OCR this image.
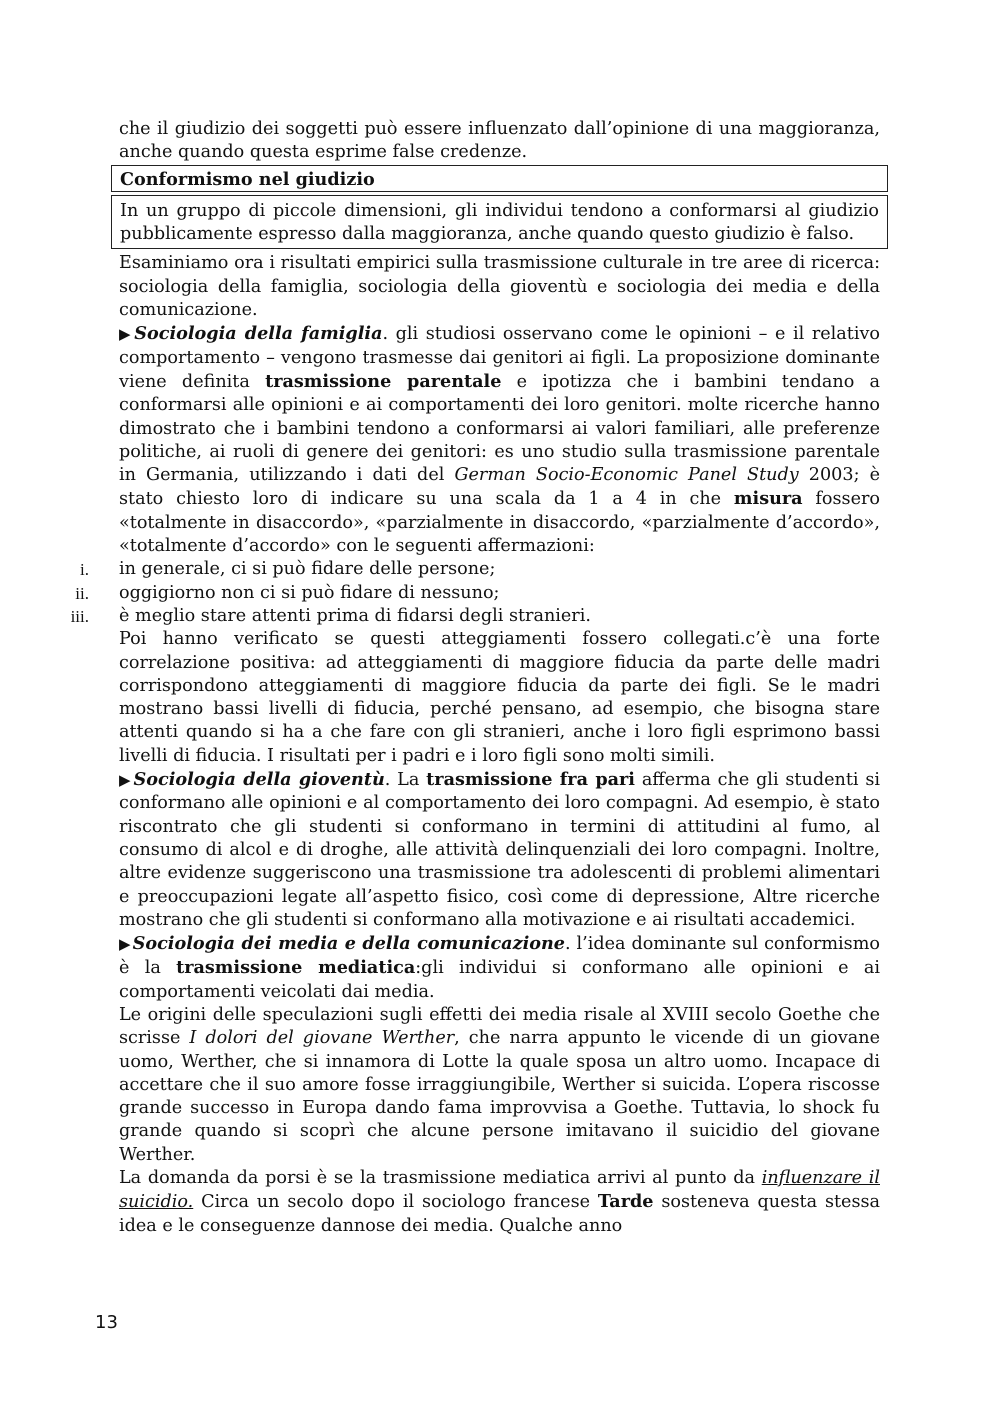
che il giudizio dei soggetti può essere influenzato dall’opinione di una maggioranza, anche quando questa esprime false credenze.

Conformismo nel giudizio

In un gruppo di piccole dimensioni, gli individui tendono a conformarsi al giudizio pubblicamente espresso dalla maggioranza, anche quando questo giudizio è falso.

Esaminiamo ora i risultati empirici sulla trasmissione culturale in tre aree di ricerca: sociologia della famiglia, sociologia della gioventù e sociologia dei media e della comunicazione.

▶  Sociologia della famiglia. gli studiosi osservano come le opinioni – e il relativo comportamento – vengono trasmesse dai genitori ai figli. La proposizione dominante viene definita trasmissione parentale e ipotizza che i bambini tendano a conformarsi alle opinioni e ai comportamenti dei loro genitori. molte ricerche hanno dimostrato che i bambini tendono a conformarsi ai valori familiari, alle preferenze politiche, ai ruoli di genere dei genitori: es uno studio sulla trasmissione parentale in Germania, utilizzando i dati del German Socio-Economic Panel Study 2003; è stato chiesto loro di indicare su una scala da 1 a 4 in che misura fossero «totalmente in disaccordo», «parzialmente in disaccordo, «parzialmente d’accordo», «totalmente d’accordo» con le seguenti affermazioni:

i. in generale, ci si può fidare delle persone;
ii. oggigiorno non ci si può fidare di nessuno;
iii. è meglio stare attenti prima di fidarsi degli stranieri.

Poi hanno verificato se questi atteggiamenti fossero collegati.c’è una forte correlazione positiva: ad atteggiamenti di maggiore fiducia da parte delle madri corrispondono atteggiamenti di maggiore fiducia da parte dei figli. Se le madri mostrano bassi livelli di fiducia, perché pensano, ad esempio, che bisogna stare attenti quando si ha a che fare con gli stranieri, anche i loro figli esprimono bassi livelli di fiducia. I risultati per i padri e i loro figli sono molti simili.

▶  Sociologia della gioventù. La trasmissione fra pari afferma che gli studenti si conformano alle opinioni e al comportamento dei loro compagni. Ad esempio, è stato riscontrato che gli studenti si conformano in termini di attitudini al fumo, al consumo di alcol e di droghe, alle attività delinquenziali dei loro compagni. Inoltre, altre evidenze suggeriscono una trasmissione tra adolescenti di problemi alimentari e preoccupazioni legate all’aspetto fisico, così come di depressione, Altre ricerche mostrano che gli studenti si conformano alla motivazione e ai risultati accademici.

▶  Sociologia dei media e della comunicazione. l’idea dominante sul conformismo è la trasmissione mediatica:gli individui si conformano alle opinioni e ai comportamenti veicolati dai media.

Le origini delle speculazioni sugli effetti dei media risale al XVIII secolo Goethe che scrisse I dolori del giovane Werther, che narra appunto le vicende di un giovane uomo, Werther, che si innamora di Lotte la quale sposa un altro uomo. Incapace di accettare che il suo amore fosse irraggiungibile, Werther si suicida. L’opera riscosse grande successo in Europa dando fama improvvisa a Goethe. Tuttavia, lo shock fu grande quando si scoprì che alcune persone imitavano il suicidio del giovane Werther.

La domanda da porsi è se la trasmissione mediatica arrivi al punto da influenzare il suicidio. Circa un secolo dopo il sociologo francese Tarde sosteneva questa stessa idea e le conseguenze dannose dei media. Qualche anno

13
